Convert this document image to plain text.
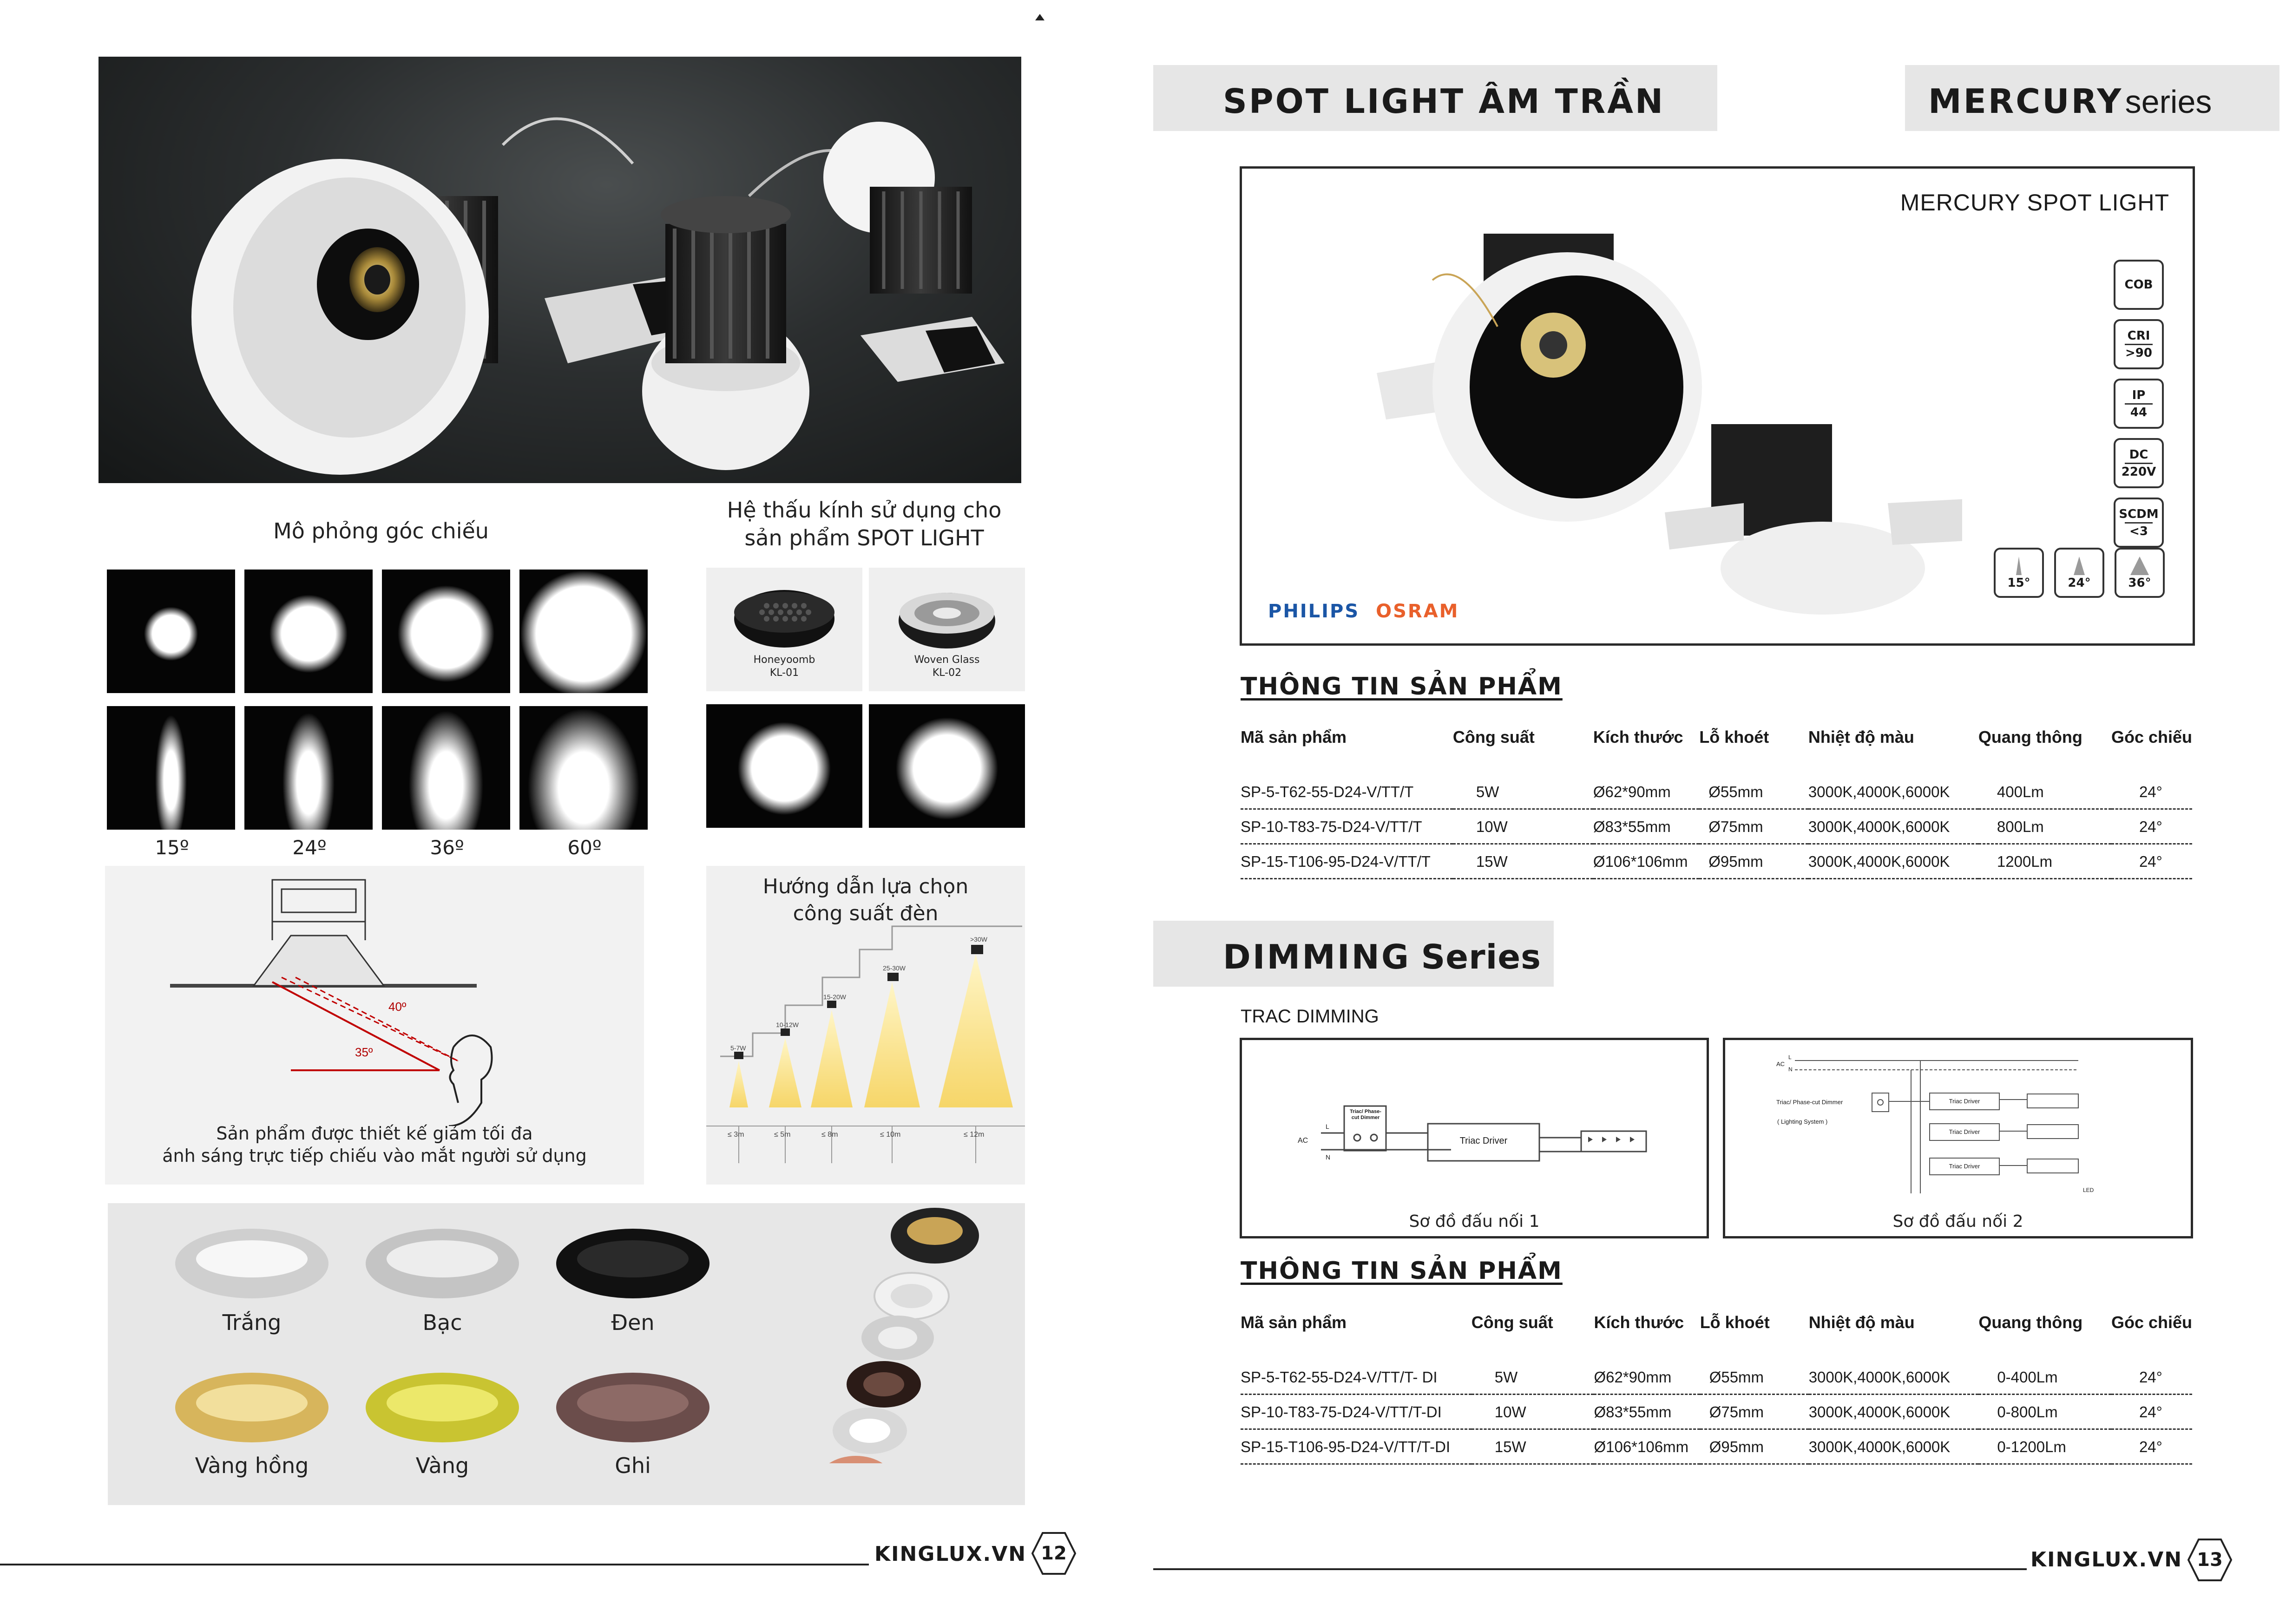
Mô phỏng góc chiếu
Hệ thấu kính sử dụng cho
sản phẩm SPOT LIGHT
15º	24º	36º	60º
Honeyoomb
KL-01
Woven Glass
KL-02
40º
35º
Sản phẩm được thiết kế giảm tối đa
ánh sáng trực tiếp chiếu vào mắt người sử dụng
Hướng dẫn lựa chọn
công suất đèn
5-7W
10-12W
15-20W
25-30W
>30W
≤ 3m	≤ 5m	≤ 8m	≤ 10m	≤ 12m
Trắng	Bạc	Đen
Vàng hồng	Vàng	Ghi
KINGLUX.VN 12
SPOT LIGHT ÂM TRẦN	MERCURY series
MERCURY SPOT LIGHT
COB
CRI
>90
IP
44
DC
220V
SCDM
<3
15°	24°	36°
PHILIPS OSRAM
THÔNG TIN SẢN PHẨM
Mã sản phẩm	Công suất	Kích thước	Lỗ khoét	Nhiệt độ màu	Quang thông	Góc chiếu
SP-5-T62-55-D24-V/TT/T	5W	Ø62*90mm	Ø55mm	3000K,4000K,6000K	400Lm	24°
SP-10-T83-75-D24-V/TT/T	10W	Ø83*55mm	Ø75mm	3000K,4000K,6000K	800Lm	24°
SP-15-T106-95-D24-V/TT/T	15W	Ø106*106mm	Ø95mm	3000K,4000K,6000K	1200Lm	24°
DIMMING Series
TRAC DIMMING
Triac/ Phase-cut Dimmer
Triac Driver
AC
L
N
Sơ đồ đấu nối 1
Triac/ Phase-cut Dimmer
( Lighting System )
Triac Driver
Triac Driver
Triac Driver
LED
AC
L
N
Sơ đồ đấu nối 2
THÔNG TIN SẢN PHẨM
Mã sản phẩm	Công suất	Kích thước	Lỗ khoét	Nhiệt độ màu	Quang thông	Góc chiếu
SP-5-T62-55-D24-V/TT/T- DI	5W	Ø62*90mm	Ø55mm	3000K,4000K,6000K	0-400Lm	24°
SP-10-T83-75-D24-V/TT/T-DI	10W	Ø83*55mm	Ø75mm	3000K,4000K,6000K	0-800Lm	24°
SP-15-T106-95-D24-V/TT/T-DI	15W	Ø106*106mm	Ø95mm	3000K,4000K,6000K	0-1200Lm	24°
KINGLUX.VN 13
